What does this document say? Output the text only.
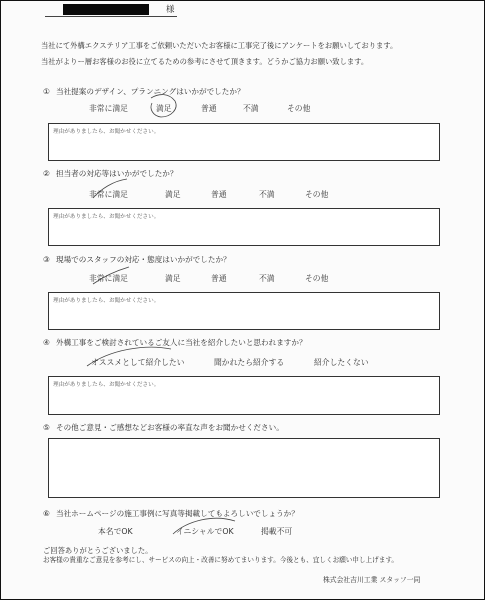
様
当社にて外構エクステリア工事をご依頼いただいたお客様に工事完了後にアンケートをお願いしております。
当社がよりー層お客様のお役に立てるための参考にさせて頂きます。どうかご協力お願い致します。
① 当社提案のデザイン、プランニングはいかがでしたか？
非常に満足	満足	普通	不満	その他
理由がありましたら、お聞かせください。
② 担当者の対応等はいかがでしたか？
非常に満足	満足	普通	不満	その他
理由がありましたら、お聞かせください。
③ 現場でのスタッフの対応・態度はいかがでしたか？
非常に満足	満足	普通	不満	その他
理由がありましたら、お聞かせください。
④ 外構工事をご検討されているご友人に当社を紹介したいと思われますか？
オススメとして紹介したい	聞かれたら紹介する	紹介したくない
理由がありましたら、お聞かせください。
⑤ その他ご意見・ご感想などお客様の率直な声をお聞かせください。
⑥ 当社ホームページの施工事例に写真等掲載してもよろしいでしょうか？
本名でOK	イニシャルでOK	掲載不可
ご回答ありがとうございました。
お客様の貴重なご意見を参考にし、サービスの向上・改善に努めてまいります。今後とも、宜しくお願い申し上げます。
株式会社吉川工業 スタッフ一同
